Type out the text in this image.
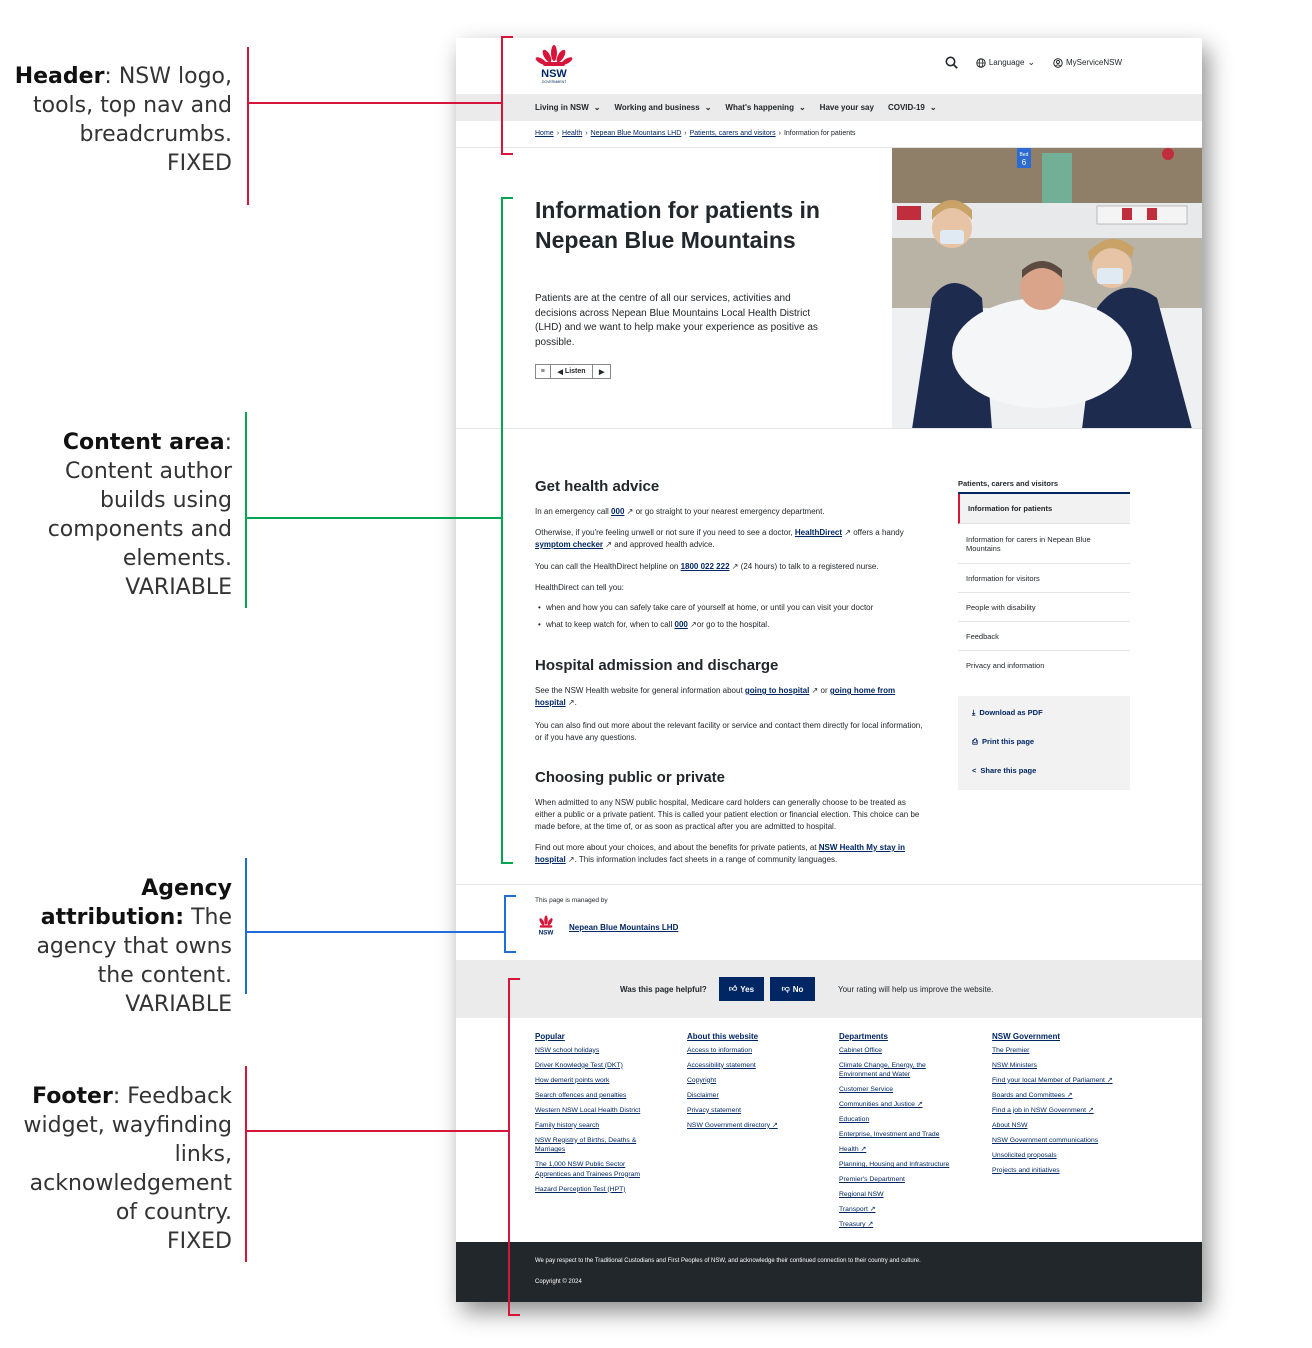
Header: NSW logo, tools, top nav and breadcrumbs.
FIXED
Content area: Content author builds using components and elements.
VARIABLE
Agency attribution: The agency that owns the content.
VARIABLE
Footer: Feedback widget, wayfinding links, acknowledgement of country.
FIXED
NSW
GOVERNMENT
Language ⌄	MyServiceNSW
Living in NSW ⌄ Working and business ⌄ What's happening ⌄ Have your say COVID-19 ⌄
Home › Health › Nepean Blue Mountains LHD › Patients, carers and visitors › Information for patients
Information for patients in Nepean Blue Mountains

Patients are at the centre of all our services, activities and decisions across Nepean Blue Mountains Local Health District (LHD) and we want to help make your experience as positive as possible.

≡	◀ Listen	▶
Bed
6
Get health advice

In an emergency call 000 ↗ or go straight to your nearest emergency department.

Otherwise, if you're feeling unwell or not sure if you need to see a doctor, HealthDirect ↗ offers a handy symptom checker ↗ and approved health advice.

You can call the HealthDirect helpline on 1800 022 222 ↗ (24 hours) to talk to a registered nurse.

HealthDirect can tell you:

• when and how you can safely take care of yourself at home, or until you can visit your doctor

• what to keep watch for, when to call 000 ↗or go to the hospital.

Hospital admission and discharge

See the NSW Health website for general information about going to hospital ↗ or going home from hospital ↗.

You can also find out more about the relevant facility or service and contact them directly for local information, or if you have any questions.

Choosing public or private

When admitted to any NSW public hospital, Medicare card holders can generally choose to be treated as either a public or a private patient. This is called your patient election or financial election. This choice can be made before, at the time of, or as soon as practical after you are admitted to hospital.

Find out more about your choices, and about the benefits for private patients, at NSW Health My stay in hospital ↗. This information includes fact sheets in a range of community languages.

Patients, carers and visitors
Information for patients
Information for carers in Nepean Blue Mountains
Information for visitors
People with disability
Feedback
Privacy and information
⤓ Download as PDF
⎙ Print this page
< Share this page
This page is managed by
NSW
Nepean Blue Mountains LHD
Was this page helpful?	👍︎ Yes	👎︎ No	Your rating will help us improve the website.
Popular
NSW school holidays
Driver Knowledge Test (DKT)
How demerit points work
Search offences and penalties
Western NSW Local Health District
Family history search
NSW Registry of Births, Deaths & Marriages
The 1,000 NSW Public Sector Apprentices and Trainees Program
Hazard Perception Test (HPT)
About this website
Access to information
Accessibility statement
Copyright
Disclaimer
Privacy statement
NSW Government directory ↗
Departments
Cabinet Office
Climate Change, Energy, the Environment and Water
Customer Service
Communities and Justice ↗
Education
Enterprise, Investment and Trade
Health ↗
Planning, Housing and Infrastructure
Premier's Department
Regional NSW
Transport ↗
Treasury ↗
NSW Government
The Premier
NSW Ministers
Find your local Member of Parliament ↗
Boards and Committees ↗
Find a job in NSW Government ↗
About NSW
NSW Government communications
Unsolicited proposals
Projects and initiatives

We pay respect to the Traditional Custodians and First Peoples of NSW, and acknowledge their continued connection to their country and culture.

Copyright © 2024
